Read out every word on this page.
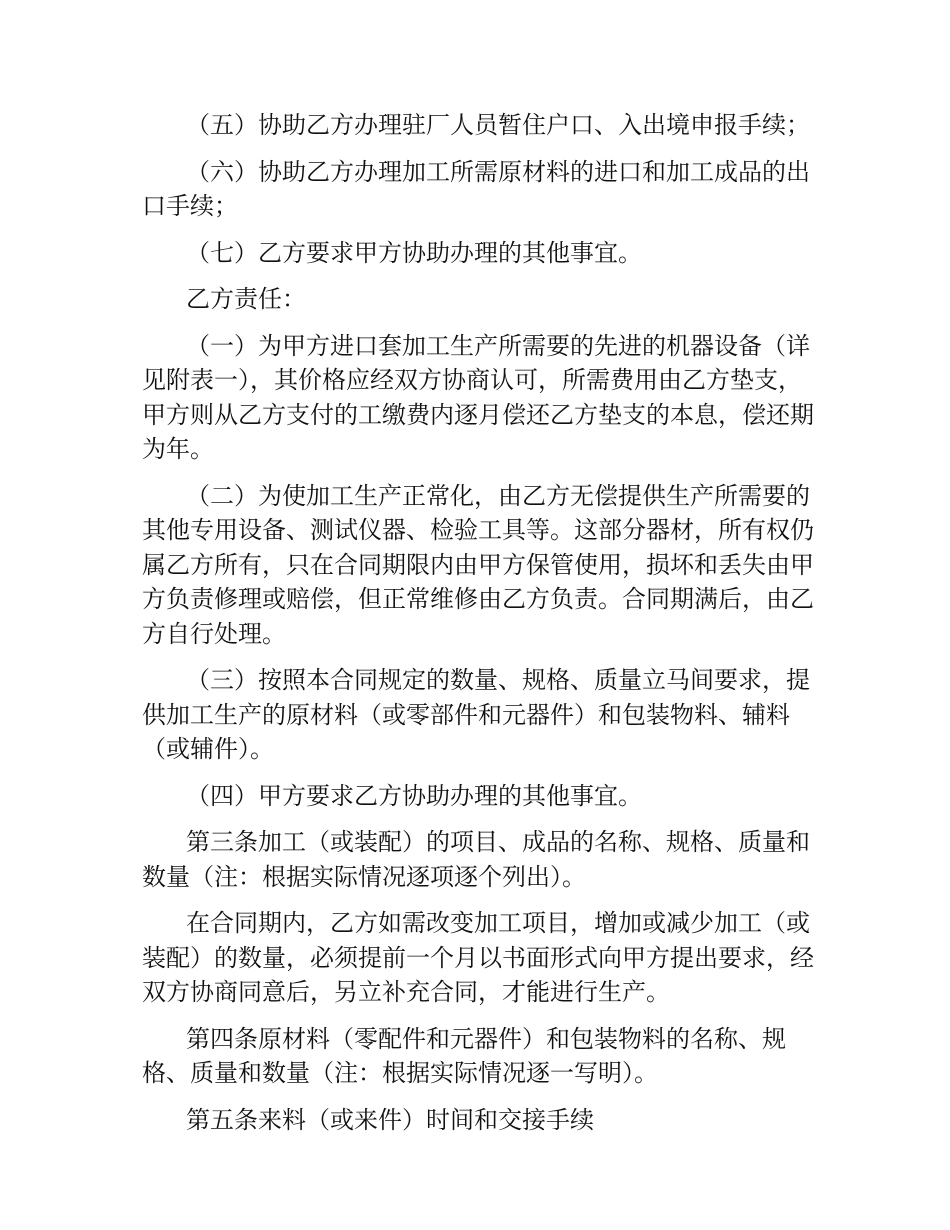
（五）协助乙方办理驻厂人员暂住户口、入出境申报手续；

（六）协助乙方办理加工所需原材料的进口和加工成品的出口手续；

（七）乙方要求甲方协助办理的其他事宜。

乙方责任：

（一）为甲方进口套加工生产所需要的先进的机器设备（详见附表一），其价格应经双方协商认可，所需费用由乙方垫支，甲方则从乙方支付的工缴费内逐月偿还乙方垫支的本息，偿还期为年。

（二）为使加工生产正常化，由乙方无偿提供生产所需要的其他专用设备、测试仪器、检验工具等。这部分器材，所有权仍属乙方所有，只在合同期限内由甲方保管使用，损坏和丢失由甲方负责修理或赔偿，但正常维修由乙方负责。合同期满后，由乙方自行处理。

（三）按照本合同规定的数量、规格、质量立马间要求，提供加工生产的原材料（或零部件和元器件）和包装物料、辅料（或辅件）。

（四）甲方要求乙方协助办理的其他事宜。

第三条加工（或装配）的项目、成品的名称、规格、质量和数量（注：根据实际情况逐项逐个列出）。

在合同期内，乙方如需改变加工项目，增加或减少加工（或装配）的数量，必须提前一个月以书面形式向甲方提出要求，经双方协商同意后，另立补充合同，才能进行生产。

第四条原材料（零配件和元器件）和包装物料的名称、规格、质量和数量（注：根据实际情况逐一写明）。

第五条来料（或来件）时间和交接手续
